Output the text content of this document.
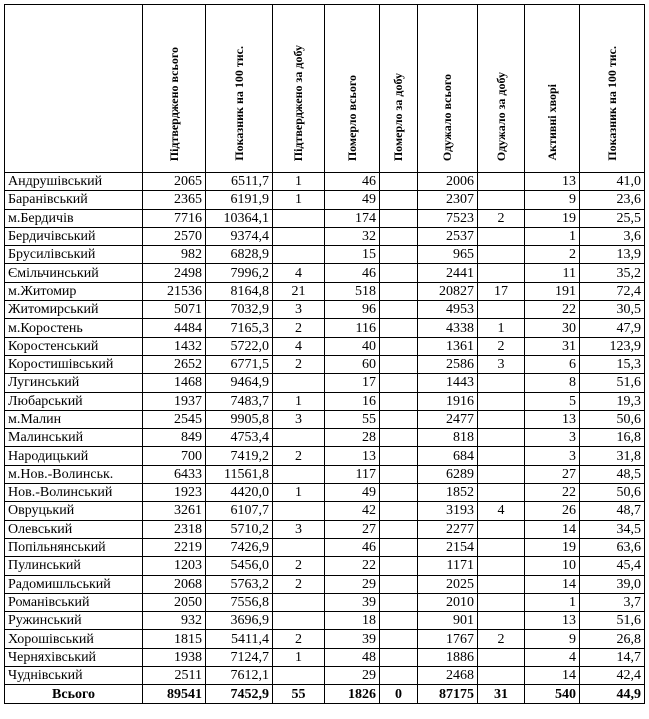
	Підтверджено всього	Показник на 100 тис.	Підтверджено за добу	Померло всього	Померло за добу	Одужало всього	Одужало за добу	Активні хворі	Показник на 100 тис.
Андрушівський	2065	6511,7	1	46		2006		13	41,0
Баранівський	2365	6191,9	1	49		2307		9	23,6
м.Бердичів	7716	10364,1		174		7523	2	19	25,5
Бердичівський	2570	9374,4		32		2537		1	3,6
Брусилівський	982	6828,9		15		965		2	13,9
Ємільчинський	2498	7996,2	4	46		2441		11	35,2
м.Житомир	21536	8164,8	21	518		20827	17	191	72,4
Житомирський	5071	7032,9	3	96		4953		22	30,5
м.Коростень	4484	7165,3	2	116		4338	1	30	47,9
Коростенський	1432	5722,0	4	40		1361	2	31	123,9
Коростишівський	2652	6771,5	2	60		2586	3	6	15,3
Лугинський	1468	9464,9		17		1443		8	51,6
Любарський	1937	7483,7	1	16		1916		5	19,3
м.Малин	2545	9905,8	3	55		2477		13	50,6
Малинський	849	4753,4		28		818		3	16,8
Народицький	700	7419,2	2	13		684		3	31,8
м.Нов.-Волинськ.	6433	11561,8		117		6289		27	48,5
Нов.-Волинський	1923	4420,0	1	49		1852		22	50,6
Овруцький	3261	6107,7		42		3193	4	26	48,7
Олевський	2318	5710,2	3	27		2277		14	34,5
Попільнянський	2219	7426,9		46		2154		19	63,6
Пулинський	1203	5456,0	2	22		1171		10	45,4
Радомишльський	2068	5763,2	2	29		2025		14	39,0
Романівський	2050	7556,8		39		2010		1	3,7
Ружинський	932	3696,9		18		901		13	51,6
Хорошівський	1815	5411,4	2	39		1767	2	9	26,8
Черняхівський	1938	7124,7	1	48		1886		4	14,7
Чуднівський	2511	7612,1		29		2468		14	42,4
Всього	89541	7452,9	55	1826	0	87175	31	540	44,9
